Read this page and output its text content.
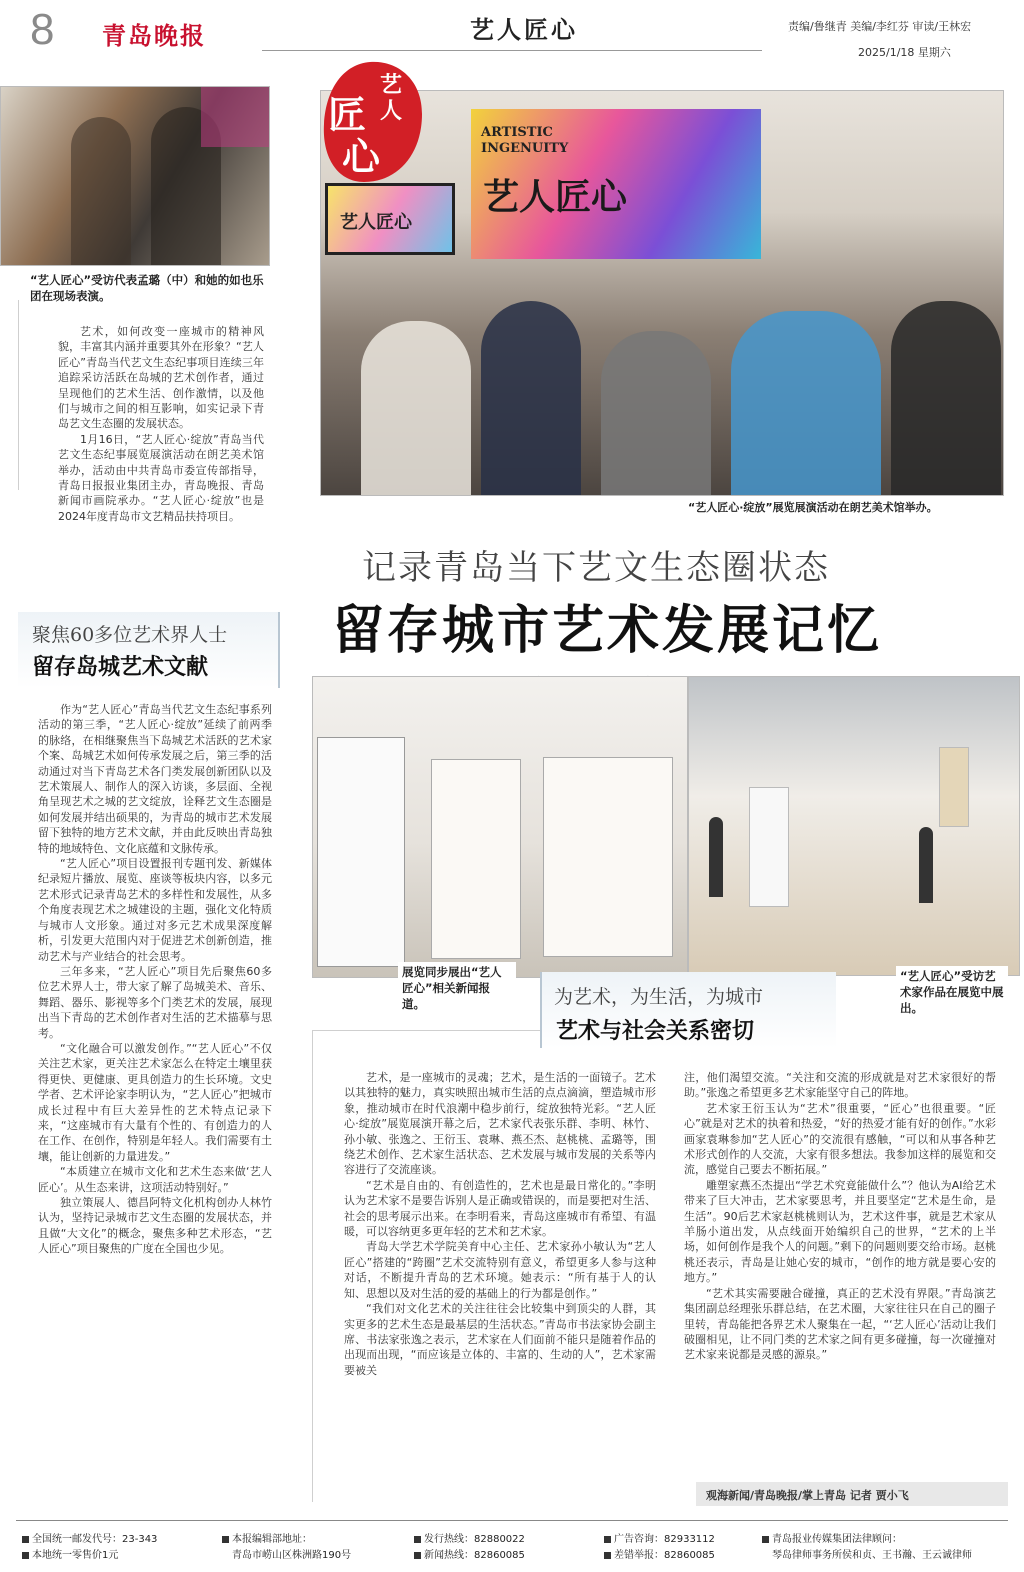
8 青岛晚报	艺人匠心	责编/鲁继青 美编/李红芬 审读/王林宏
2025/1/18 星期六
“艺人匠心”受访代表孟璐（中）和她的如也乐团在现场表演。

艺术，如何改变一座城市的精神风貌，丰富其内涵并重要其外在形象？“艺人匠心”青岛当代艺文生态纪事项目连续三年追踪采访活跃在岛城的艺术创作者，通过呈现他们的艺术生活、创作激情，以及他们与城市之间的相互影响，如实记录下青岛艺文生态圈的发展状态。

1月16日，“艺人匠心·绽放”青岛当代艺文生态纪事展览展演活动在朗艺美术馆举办，活动由中共青岛市委宣传部指导，青岛日报报业集团主办，青岛晚报、青岛新闻市画院承办。“艺人匠心·绽放”也是2024年度青岛市文艺精品扶持项目。

聚焦60多位艺术界人士
留存岛城艺术文献

作为“艺人匠心”青岛当代艺文生态纪事系列活动的第三季，“艺人匠心·绽放”延续了前两季的脉络，在相继聚焦当下岛城艺术活跃的艺术家个案、岛城艺术如何传承发展之后，第三季的活动通过对当下青岛艺术各门类发展创新团队以及艺术策展人、制作人的深入访谈，多层面、全视角呈现艺术之城的艺文绽放，诠释艺文生态圈是如何发展并结出硕果的，为青岛的城市艺术发展留下独特的地方艺术文献，并由此反映出青岛独特的地域特色、文化底蕴和文脉传承。

“艺人匠心”项目设置报刊专题刊发、新媒体纪录短片播放、展览、座谈等板块内容，以多元艺术形式记录青岛艺术的多样性和发展性，从多个角度表现艺术之城建设的主题，强化文化特质与城市人文形象。通过对多元艺术成果深度解析，引发更大范围内对于促进艺术创新创造，推动艺术与产业结合的社会思考。

三年多来，“艺人匠心”项目先后聚焦60多位艺术界人士，带大家了解了岛城美术、音乐、舞蹈、器乐、影视等多个门类艺术的发展，展现出当下青岛的艺术创作者对生活的艺术描摹与思考。

“文化融合可以激发创作。”“艺人匠心”不仅关注艺术家，更关注艺术家怎么在特定土壤里获得更快、更健康、更具创造力的生长环境。文史学者、艺术评论家李明认为，“艺人匠心”把城市成长过程中有巨大差异性的艺术特点记录下来，“这座城市有大量有个性的、有创造力的人在工作、在创作，特别是年轻人。我们需要有土壤，能让创新的力量进发。”

“本质建立在城市文化和艺术生态来做‘艺人匠心’。从生态来讲，这项活动特别好。”

独立策展人、德昌阿特文化机构创办人林竹认为，坚持记录城市艺文生态圈的发展状态，并且做“大文化”的概念，聚焦多种艺术形态，“艺人匠心”项目聚焦的广度在全国也少见。

ARTISTIC
INGENUITY
艺人匠心
艺人匠心
“艺人匠心·绽放”展览展演活动在朗艺美术馆举办。
艺
人
匠
心
记录青岛当下艺文生态圈状态
留存城市艺术发展记忆
展览同步展出“艺人匠心”相关新闻报道。
“艺人匠心”受访艺术家作品在展览中展出。
为艺术，为生活，为城市
艺术与社会关系密切

艺术，是一座城市的灵魂；艺术，是生活的一面镜子。艺术以其独特的魅力，真实映照出城市生活的点点滴滴，塑造城市形象，推动城市在时代浪潮中稳步前行，绽放独特光彩。“艺人匠心·绽放”展览展演开幕之后，艺术家代表张乐群、李明、林竹、孙小敏、张逸之、王衍玉、袁琳、燕丕杰、赵桃桃、孟璐等，围绕艺术创作、艺术家生活状态、艺术发展与城市发展的关系等内容进行了交流座谈。

“艺术是自由的、有创造性的，艺术也是最日常化的。”李明认为艺术家不是要告诉别人是正确或错误的，而是要把对生活、社会的思考展示出来。在李明看来，青岛这座城市有希望、有温暖，可以容纳更多更年轻的艺术和艺术家。

青岛大学艺术学院美育中心主任、艺术家孙小敏认为“艺人匠心”搭建的“跨圈”艺术交流特别有意义，希望更多人参与这种对话，不断提升青岛的艺术环境。她表示：“所有基于人的认知、思想以及对生活的爱的基础上的行为都是创作。”

“我们对文化艺术的关注往往会比较集中到顶尖的人群，其实更多的艺术生态是最基层的生活状态。”青岛市书法家协会副主席、书法家张逸之表示，艺术家在人们面前不能只是随着作品的出现而出现，“而应该是立体的、丰富的、生动的人”，艺术家需要被关

注，他们渴望交流。“关注和交流的形成就是对艺术家很好的帮助。”张逸之希望更多艺术家能坚守自己的阵地。

艺术家王衍玉认为“艺术”很重要，“匠心”也很重要。“匠心”就是对艺术的执着和热爱，“好的热爱才能有好的创作。”水彩画家袁琳参加“艺人匠心”的交流很有感触，“可以和从事各种艺术形式创作的人交流，大家有很多想法。我参加这样的展览和交流，感觉自己要去不断拓展。”

雕塑家燕丕杰提出“学艺术究竟能做什么”？他认为AI给艺术带来了巨大冲击，艺术家要思考，并且要坚定“艺术是生命，是生活”。90后艺术家赵桃桃则认为，艺术这件事，就是艺术家从羊肠小道出发，从点线面开始编织自己的世界，“艺术的上半场，如何创作是我个人的问题。”剩下的问题则要交给市场。赵桃桃还表示，青岛是让她心安的城市，“创作的地方就是要心安的地方。”

“艺术其实需要融合碰撞，真正的艺术没有界限。”青岛演艺集团副总经理张乐群总结，在艺术圈，大家往往只在自己的圈子里转，青岛能把各界艺术人聚集在一起，“‘艺人匠心’活动让我们破圈相见，让不同门类的艺术家之间有更多碰撞，每一次碰撞对艺术家来说都是灵感的源泉。”

观海新闻/青岛晚报/掌上青岛 记者 贾小飞
全国统一邮发代号：23-343
本地统一零售价1元
本报编辑部地址：
青岛市崂山区株洲路190号
发行热线：82880022
新闻热线：82860085
广告咨询：82933112
差错举报：82860085
青岛报业传媒集团法律顾问：
琴岛律师事务所侯和贞、王书瀚、王云诚律师
